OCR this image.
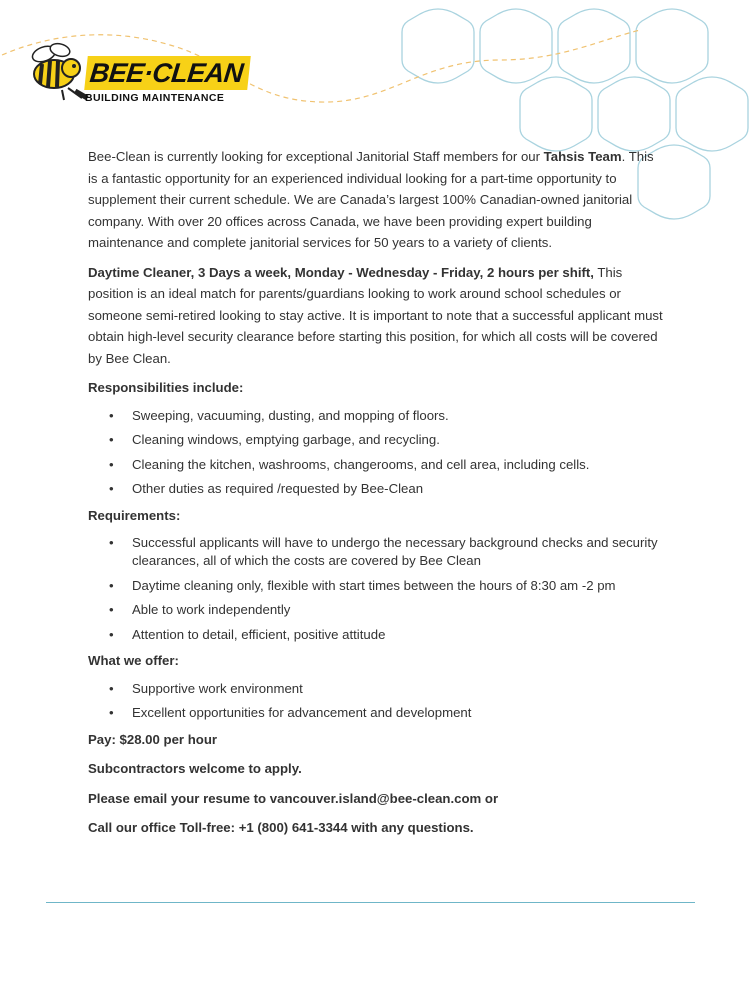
BEE·CLEAN
BUILDING MAINTENANCE

Bee-Clean is currently looking for exceptional Janitorial Staff members for our Tahsis Team. This is a fantastic opportunity for an experienced individual looking for a part-time opportunity to supplement their current schedule. We are Canada’s largest 100% Canadian-owned janitorial company. With over 20 offices across Canada, we have been providing expert building maintenance and complete janitorial services for 50 years to a variety of clients.

Daytime Cleaner, 3 Days a week, Monday - Wednesday - Friday, 2 hours per shift, This position is an ideal match for parents/guardians looking to work around school schedules or someone semi-retired looking to stay active. It is important to note that a successful applicant must obtain high-level security clearance before starting this position, for which all costs will be covered by Bee Clean.

Responsibilities include:
• Sweeping, vacuuming, dusting, and mopping of floors.
• Cleaning windows, emptying garbage, and recycling.
• Cleaning the kitchen, washrooms, changerooms, and cell area, including cells.
• Other duties as required /requested by Bee-Clean
Requirements:
• Successful applicants will have to undergo the necessary background checks and security clearances, all of which the costs are covered by Bee Clean
• Daytime cleaning only, flexible with start times between the hours of 8:30 am -2 pm
• Able to work independently
• Attention to detail, efficient, positive attitude
What we offer:
• Supportive work environment
• Excellent opportunities for advancement and development
Pay: $28.00 per hour
Subcontractors welcome to apply.
Please email your resume to vancouver.island@bee-clean.com or
Call our office Toll-free: +1 (800) 641-3344 with any questions.
